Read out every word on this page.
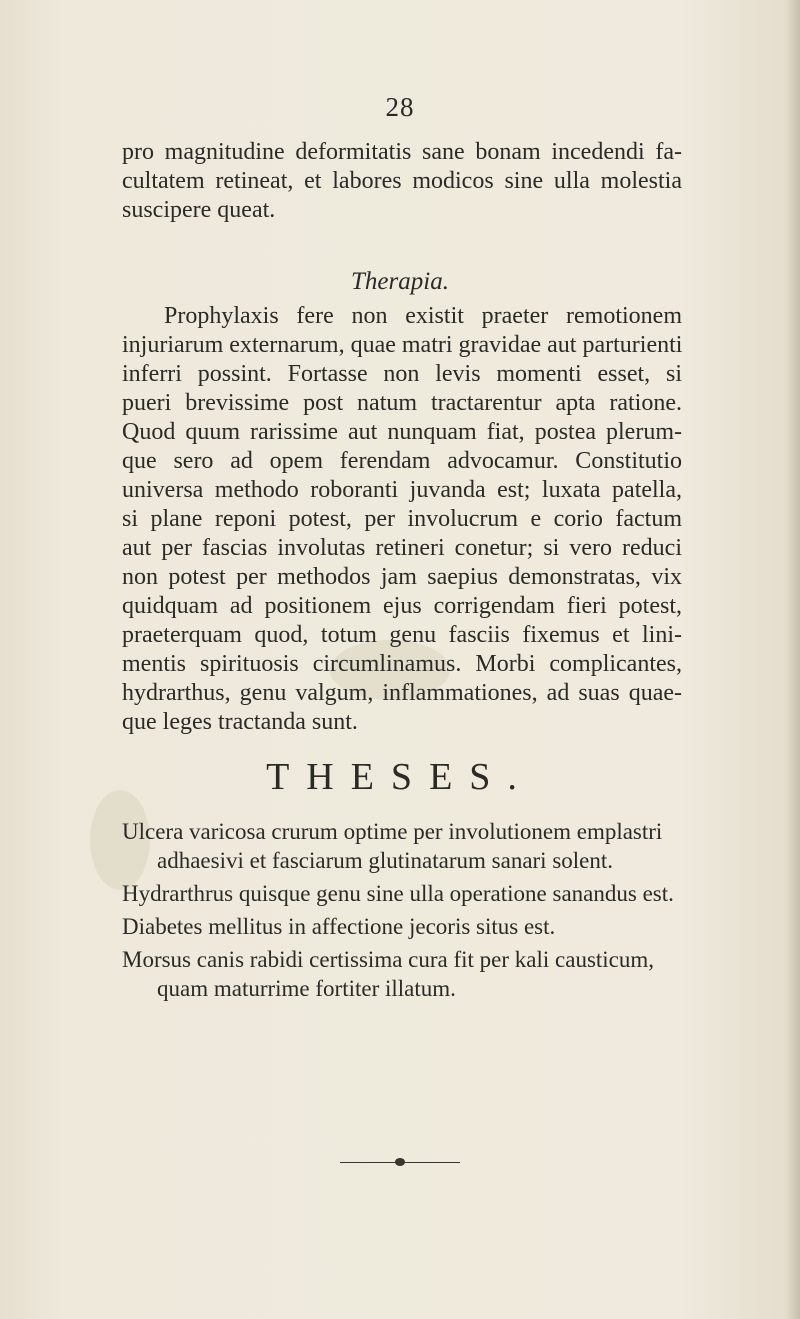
28

pro magnitudine deformitatis sane bonam incedendi fa-
cultatem retineat, et labores modicos sine ulla molestia
suscipere queat.

Therapia.

Prophylaxis fere non existit praeter remotionem
injuriarum externarum, quae matri gravidae aut parturienti
inferri possint. Fortasse non levis momenti esset, si
pueri brevissime post natum tractarentur apta ratione.
Quod quum rarissime aut nunquam fiat, postea plerum-
que sero ad opem ferendam advocamur. Constitutio
universa methodo roboranti juvanda est; luxata patella,
si plane reponi potest, per involucrum e corio factum
aut per fascias involutas retineri conetur; si vero reduci
non potest per methodos jam saepius demonstratas, vix
quidquam ad positionem ejus corrigendam fieri potest,
praeterquam quod, totum genu fasciis fixemus et lini-
mentis spirituosis circumlinamus. Morbi complicantes,
hydrarthus, genu valgum, inflammationes, ad suas quae-
que leges tractanda sunt.

THESES.
Ulcera varicosa crurum optime per involutionem emplastri adhaesivi et fasciarum glutinatarum sanari solent.
Hydrarthrus quisque genu sine ulla operatione sanandus est.
Diabetes mellitus in affectione jecoris situs est.
Morsus canis rabidi certissima cura fit per kali causticum, quam maturrime fortiter illatum.
